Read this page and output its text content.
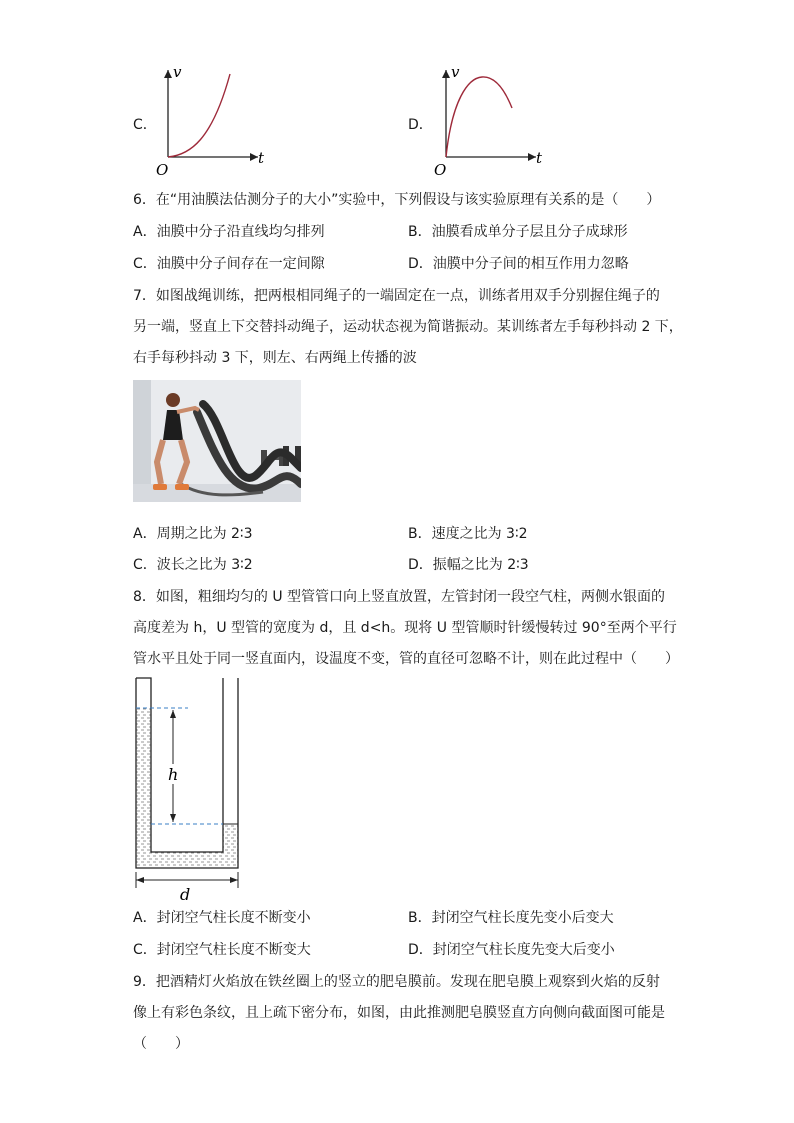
C．
v
t
O
D．
v
t
O
6．在“用油膜法估测分子的大小”实验中，下列假设与该实验原理有关系的是（　　）
A．油膜中分子沿直线均匀排列	B．油膜看成单分子层且分子成球形
C．油膜中分子间存在一定间隙	D．油膜中分子间的相互作用力忽略
7．如图战绳训练，把两根相同绳子的一端固定在一点，训练者用双手分别握住绳子的
另一端，竖直上下交替抖动绳子，运动状态视为简谐振动。某训练者左手每秒抖动 2 下，
右手每秒抖动 3 下，则左、右两绳上传播的波
A．周期之比为 2∶3	B．速度之比为 3∶2
C．波长之比为 3∶2	D．振幅之比为 2∶3
8．如图，粗细均匀的 U 型管管口向上竖直放置，左管封闭一段空气柱，两侧水银面的
高度差为 h，U 型管的宽度为 d，且 d<h。现将 U 型管顺时针缓慢转过 90°至两个平行
管水平且处于同一竖直面内，设温度不变，管的直径可忽略不计，则在此过程中（　　）
h
d
A．封闭空气柱长度不断变小	B．封闭空气柱长度先变小后变大
C．封闭空气柱长度不断变大	D．封闭空气柱长度先变大后变小
9．把酒精灯火焰放在铁丝圈上的竖立的肥皂膜前。发现在肥皂膜上观察到火焰的反射
像上有彩色条纹，且上疏下密分布，如图，由此推测肥皂膜竖直方向侧向截面图可能是
（　　）
